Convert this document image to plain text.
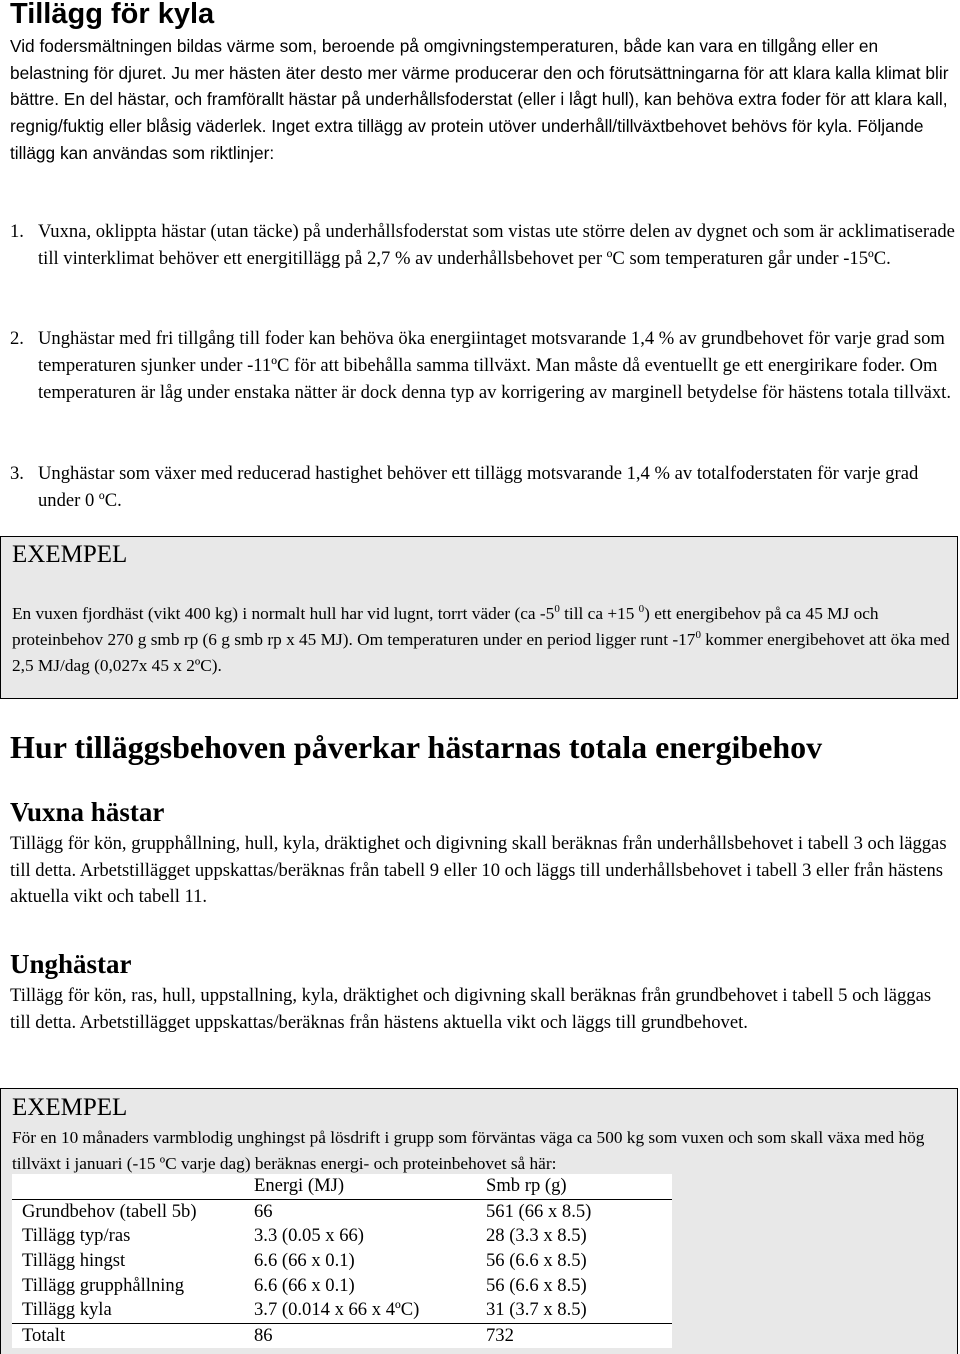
Tillägg för kyla

Vid fodersmältningen bildas värme som, beroende på omgivningstemperaturen, både kan vara en tillgång eller en belastning för djuret. Ju mer hästen äter desto mer värme producerar den och förutsättningarna för att klara kalla klimat blir bättre. En del hästar, och framförallt hästar på underhållsfoderstat (eller i lågt hull), kan behöva extra foder för att klara kall, regnig/fuktig eller blåsig väderlek. Inget extra tillägg av protein utöver underhåll/tillväxtbehovet behövs för kyla. Följande tillägg kan användas som riktlinjer:

1. Vuxna, oklippta hästar (utan täcke) på underhållsfoderstat som vistas ute större delen av dygnet och som är acklimatiserade till vinterklimat behöver ett energitillägg på 2,7 % av underhållsbehovet per ºC som temperaturen går under -15ºC.
2. Unghästar med fri tillgång till foder kan behöva öka energiintaget motsvarande 1,4 % av grundbehovet för varje grad som temperaturen sjunker under -11ºC för att bibehålla samma tillväxt. Man måste då eventuellt ge ett energirikare foder. Om temperaturen är låg under enstaka nätter är dock denna typ av korrigering av marginell betydelse för hästens totala tillväxt.
3. Unghästar som växer med reducerad hastighet behöver ett tillägg motsvarande 1,4 % av totalfoderstaten för varje grad under 0 ºC.
EXEMPEL

En vuxen fjordhäst (vikt 400 kg) i normalt hull har vid lugnt, torrt väder (ca $-5^0$ till ca +15 $^0$) ett energibehov på ca 45 MJ och proteinbehov 270 g smb rp (6 g smb rp x 45 MJ). Om temperaturen under en period ligger runt $-17^0$ kommer energibehovet att öka med 2,5 MJ/dag (0,027x 45 x 2ºC).

Hur tilläggsbehoven påverkar hästarnas totala energibehov
Vuxna hästar

Tillägg för kön, grupphållning, hull, kyla, dräktighet och digivning skall beräknas från underhållsbehovet i tabell 3 och läggas till detta. Arbetstillägget uppskattas/beräknas från tabell 9 eller 10 och läggs till underhållsbehovet i tabell 3 eller från hästens aktuella vikt och tabell 11.

Unghästar

Tillägg för kön, ras, hull, uppstallning, kyla, dräktighet och digivning skall beräknas från grundbehovet i tabell 5 och läggas till detta. Arbetstillägget uppskattas/beräknas från hästens aktuella vikt och läggs till grundbehovet.

EXEMPEL

För en 10 månaders varmblodig unghingst på lösdrift i grupp som förväntas väga ca 500 kg som vuxen och som skall växa med hög tillväxt i januari (-15 ºC varje dag) beräknas energi- och proteinbehovet så här:

	Energi (MJ)	Smb rp (g)
Grundbehov (tabell 5b)	66	561 (66 x 8.5)
Tillägg typ/ras	3.3 (0.05 x 66)	28 (3.3 x 8.5)
Tillägg hingst	6.6 (66 x 0.1)	56 (6.6 x 8.5)
Tillägg grupphållning	6.6 (66 x 0.1)	56 (6.6 x 8.5)
Tillägg kyla	3.7 (0.014 x 66 x 4ºC)	31 (3.7 x 8.5)
Totalt	86	732
